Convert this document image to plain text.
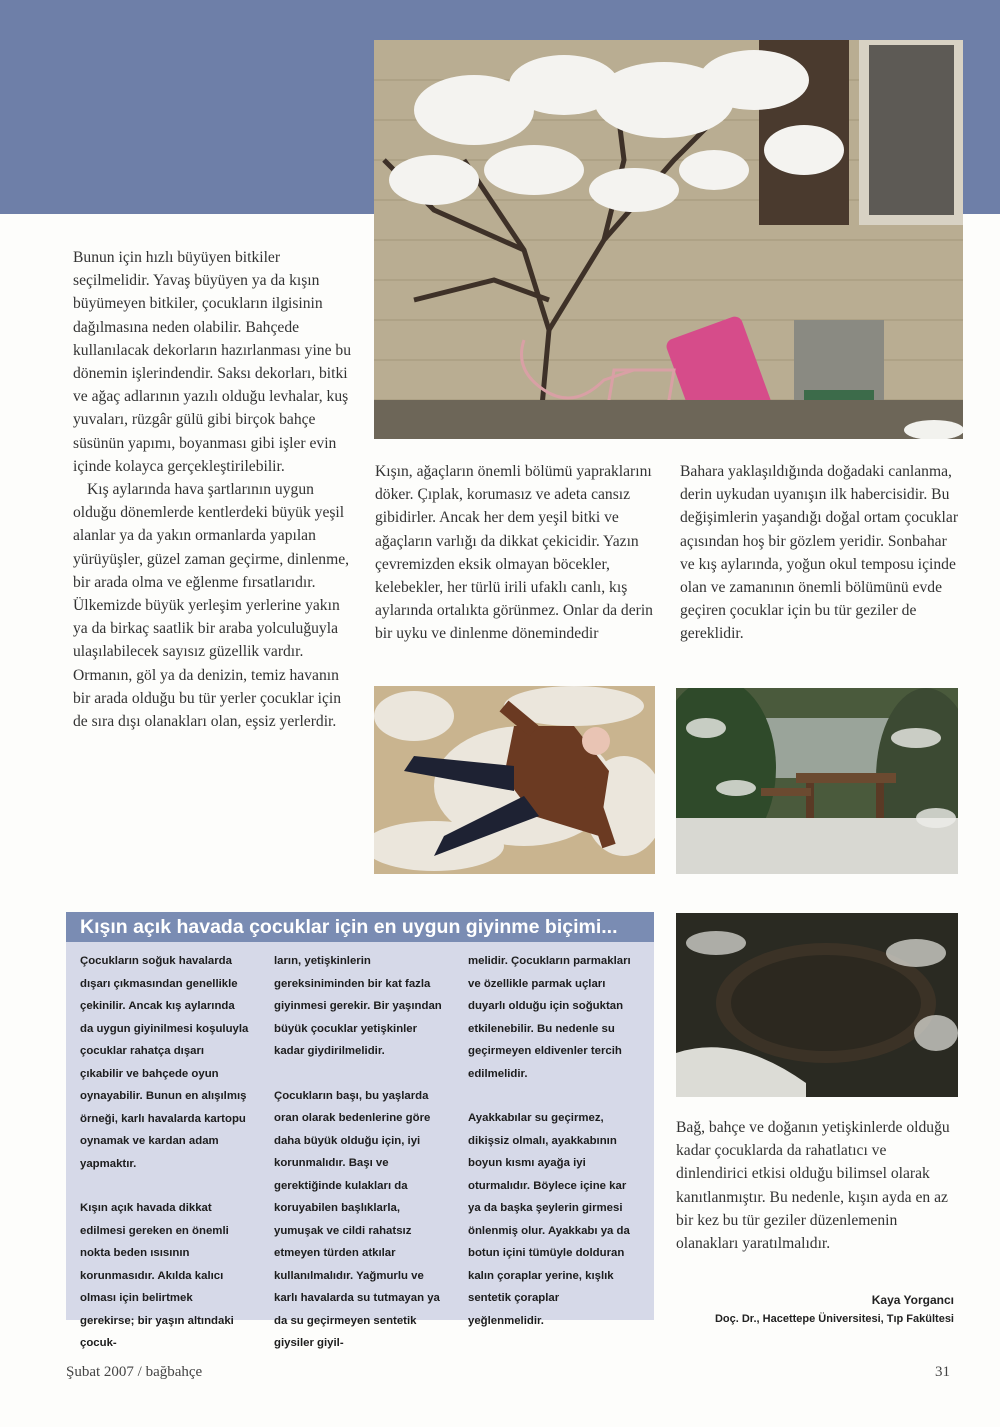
Bunun için hızlı büyüyen bitkiler seçilmelidir. Yavaş büyüyen ya da kışın büyümeyen bitkiler, çocukların ilgisinin dağılmasına neden olabilir. Bahçede kullanılacak dekorların hazırlanması yine bu dönemin işlerindendir. Saksı dekorları, bitki ve ağaç adlarının yazılı olduğu levhalar, kuş yuvaları, rüzgâr gülü gibi birçok bahçe süsünün yapımı, boyanması gibi işler evin içinde kolayca gerçekleştirilebilir.

Kış aylarında hava şartlarının uygun olduğu dönemlerde kentlerdeki büyük yeşil alanlar ya da yakın ormanlarda yapılan yürüyüşler, güzel zaman geçirme, dinlenme, bir arada olma ve eğlenme fırsatlarıdır. Ülkemizde büyük yerleşim yerlerine yakın ya da birkaç saatlik bir araba yolculuğuyla ulaşılabilecek sayısız güzellik vardır. Ormanın, göl ya da denizin, temiz havanın bir arada olduğu bu tür yerler çocuklar için de sıra dışı olanakları olan, eşsiz yerlerdir.

Kışın, ağaçların önemli bölümü yapraklarını döker. Çıplak, korumasız ve adeta cansız gibidirler. Ancak her dem yeşil bitki ve ağaçların varlığı da dikkat çekicidir. Yazın çevremizden eksik olmayan böcekler, kelebekler, her türlü irili ufaklı canlı, kış aylarında ortalıkta görünmez. Onlar da derin bir uyku ve dinlenme dönemindedir

Bahara yaklaşıldığında doğadaki canlanma, derin uykudan uyanışın ilk habercisidir. Bu değişimlerin yaşandığı doğal ortam çocuklar açısından hoş bir gözlem yeridir. Sonbahar ve kış aylarında, yoğun okul temposu içinde olan ve zamanının önemli bölümünü evde geçiren çocuklar için bu tür geziler de gereklidir.

Kışın açık havada çocuklar için en uygun giyinme biçimi...

Çocukların soğuk havalarda dışarı çıkmasından genellikle çekinilir. Ancak kış aylarında da uygun giyinilmesi koşuluyla çocuklar rahatça dışarı çıkabilir ve bahçede oyun oynayabilir. Bunun en alışılmış örneği, karlı havalarda kartopu oynamak ve kardan adam yapmaktır.

Kışın açık havada dikkat edilmesi gereken en önemli nokta beden ısısının korunmasıdır. Akılda kalıcı olması için belirtmek gerekirse; bir yaşın altındaki çocuk-

ların, yetişkinlerin gereksiniminden bir kat fazla giyinmesi gerekir. Bir yaşından büyük çocuklar yetişkinler kadar giydirilmelidir.

Çocukların başı, bu yaşlarda oran olarak bedenlerine göre daha büyük olduğu için, iyi korunmalıdır. Başı ve gerektiğinde kulakları da koruyabilen başlıklarla, yumuşak ve cildi rahatsız etmeyen türden atkılar kullanılmalıdır. Yağmurlu ve karlı havalarda su tutmayan ya da su geçirmeyen sentetik giysiler giyil-

melidir. Çocukların parmakları ve özellikle parmak uçları duyarlı olduğu için soğuktan etkilenebilir. Bu nedenle su geçirmeyen eldivenler tercih edilmelidir.

Ayakkabılar su geçirmez, dikişsiz olmalı, ayakkabının boyun kısmı ayağa iyi oturmalıdır. Böylece içine kar ya da başka şeylerin girmesi önlenmiş olur. Ayakkabı ya da botun içini tümüyle dolduran kalın çoraplar yerine, kışlık sentetik çoraplar yeğlenmelidir.

Bağ, bahçe ve doğanın yetişkinlerde olduğu kadar çocuklarda da rahatlatıcı ve dinlendirici etkisi olduğu bilimsel olarak kanıtlanmıştır. Bu nedenle, kışın ayda en az bir kez bu tür geziler düzenlemenin olanakları yaratılmalıdır.

Kaya Yorgancı
Doç. Dr., Hacettepe Üniversitesi, Tıp Fakültesi
Şubat 2007 / bağbahçe	31
